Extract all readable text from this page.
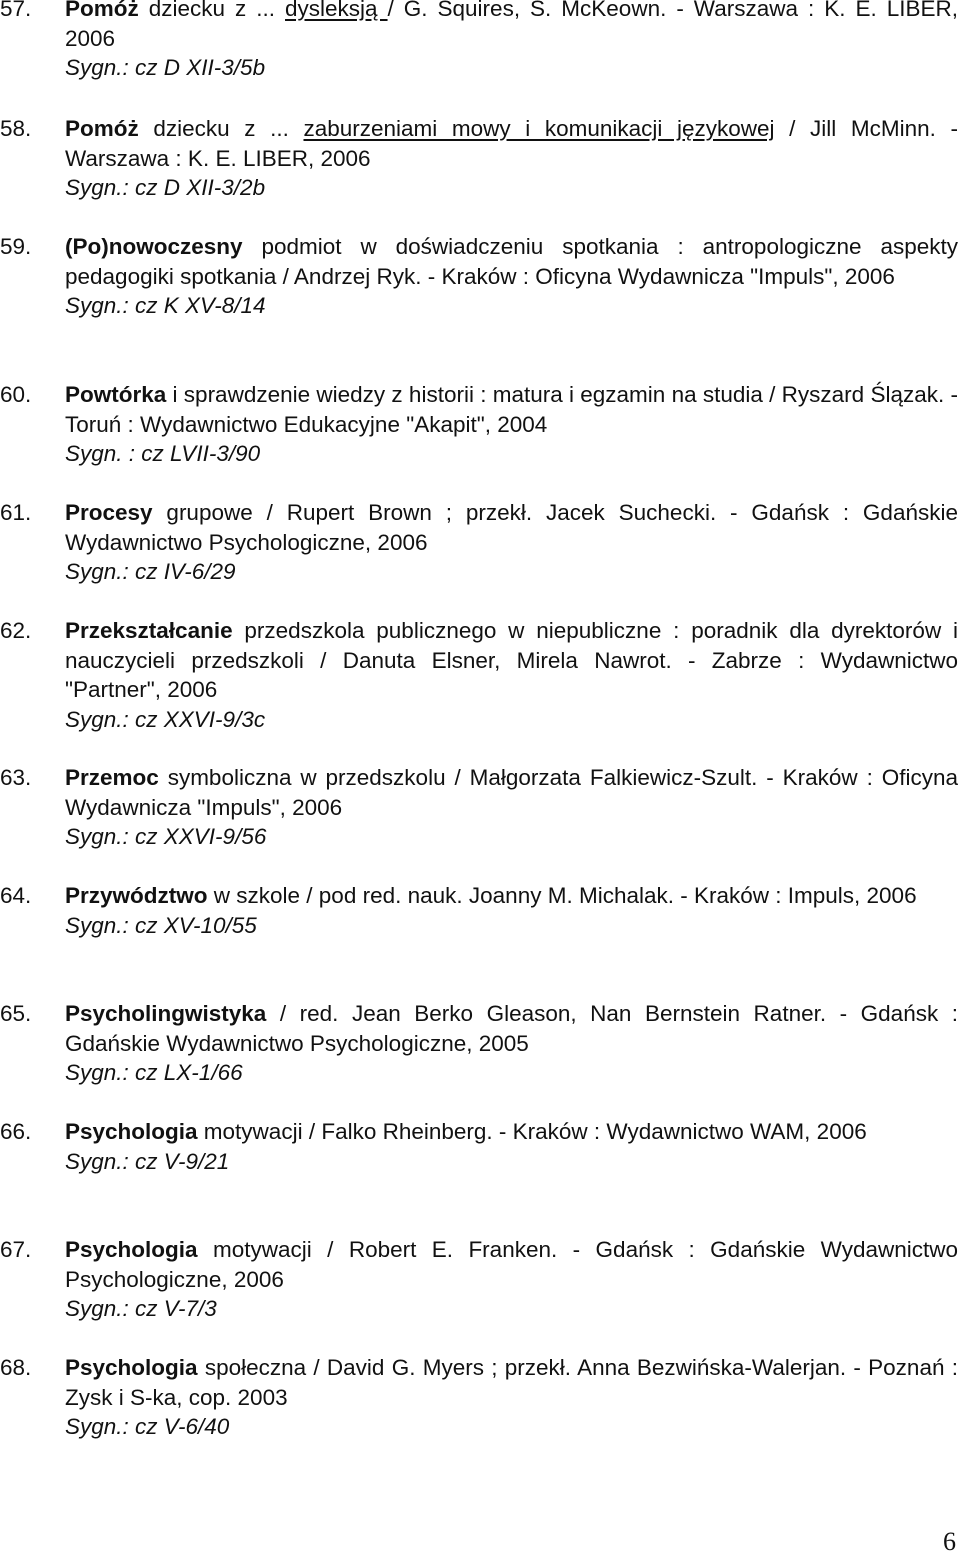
57.	Pomóż dziecku z ... dysleksją / G. Squires, S. McKeown. - Warszawa : K. E. LIBER, 2006
Sygn.: cz D XII-3/5b
58.	Pomóż dziecku z ... zaburzeniami mowy i komunikacji językowej / Jill McMinn. - Warszawa : K. E. LIBER, 2006
Sygn.: cz D XII-3/2b
59.	(Po)nowoczesny podmiot w doświadczeniu spotkania : antropologiczne aspekty pedagogiki spotkania / Andrzej Ryk. - Kraków : Oficyna Wydawnicza "Impuls", 2006
Sygn.: cz K XV-8/14
60.	Powtórka i sprawdzenie wiedzy z historii : matura i egzamin na studia / Ryszard Ślązak. - Toruń : Wydawnictwo Edukacyjne "Akapit", 2004
Sygn. : cz LVII-3/90
61.	Procesy grupowe / Rupert Brown ; przekł. Jacek Suchecki. - Gdańsk : Gdańskie Wydawnictwo Psychologiczne, 2006
Sygn.: cz IV-6/29
62.	Przekształcanie przedszkola publicznego w niepubliczne : poradnik dla dyrektorów i nauczycieli przedszkoli / Danuta Elsner, Mirela Nawrot. - Zabrze : Wydawnictwo "Partner", 2006
Sygn.: cz XXVI-9/3c
63.	Przemoc symboliczna w przedszkolu / Małgorzata Falkiewicz-Szult. - Kraków : Oficyna Wydawnicza "Impuls", 2006
Sygn.: cz XXVI-9/56
64.	Przywództwo w szkole / pod red. nauk. Joanny M. Michalak. - Kraków : Impuls, 2006
Sygn.: cz XV-10/55
65.	Psycholingwistyka / red. Jean Berko Gleason, Nan Bernstein Ratner. - Gdańsk : Gdańskie Wydawnictwo Psychologiczne, 2005
Sygn.: cz LX-1/66
66.	Psychologia motywacji / Falko Rheinberg. - Kraków : Wydawnictwo WAM, 2006
Sygn.: cz V-9/21
67.	Psychologia motywacji / Robert E. Franken. - Gdańsk : Gdańskie Wydawnictwo Psychologiczne, 2006
Sygn.: cz V-7/3
68.	Psychologia społeczna / David G. Myers ; przekł. Anna Bezwińska-Walerjan. - Poznań : Zysk i S-ka, cop. 2003
Sygn.: cz V-6/40
6
